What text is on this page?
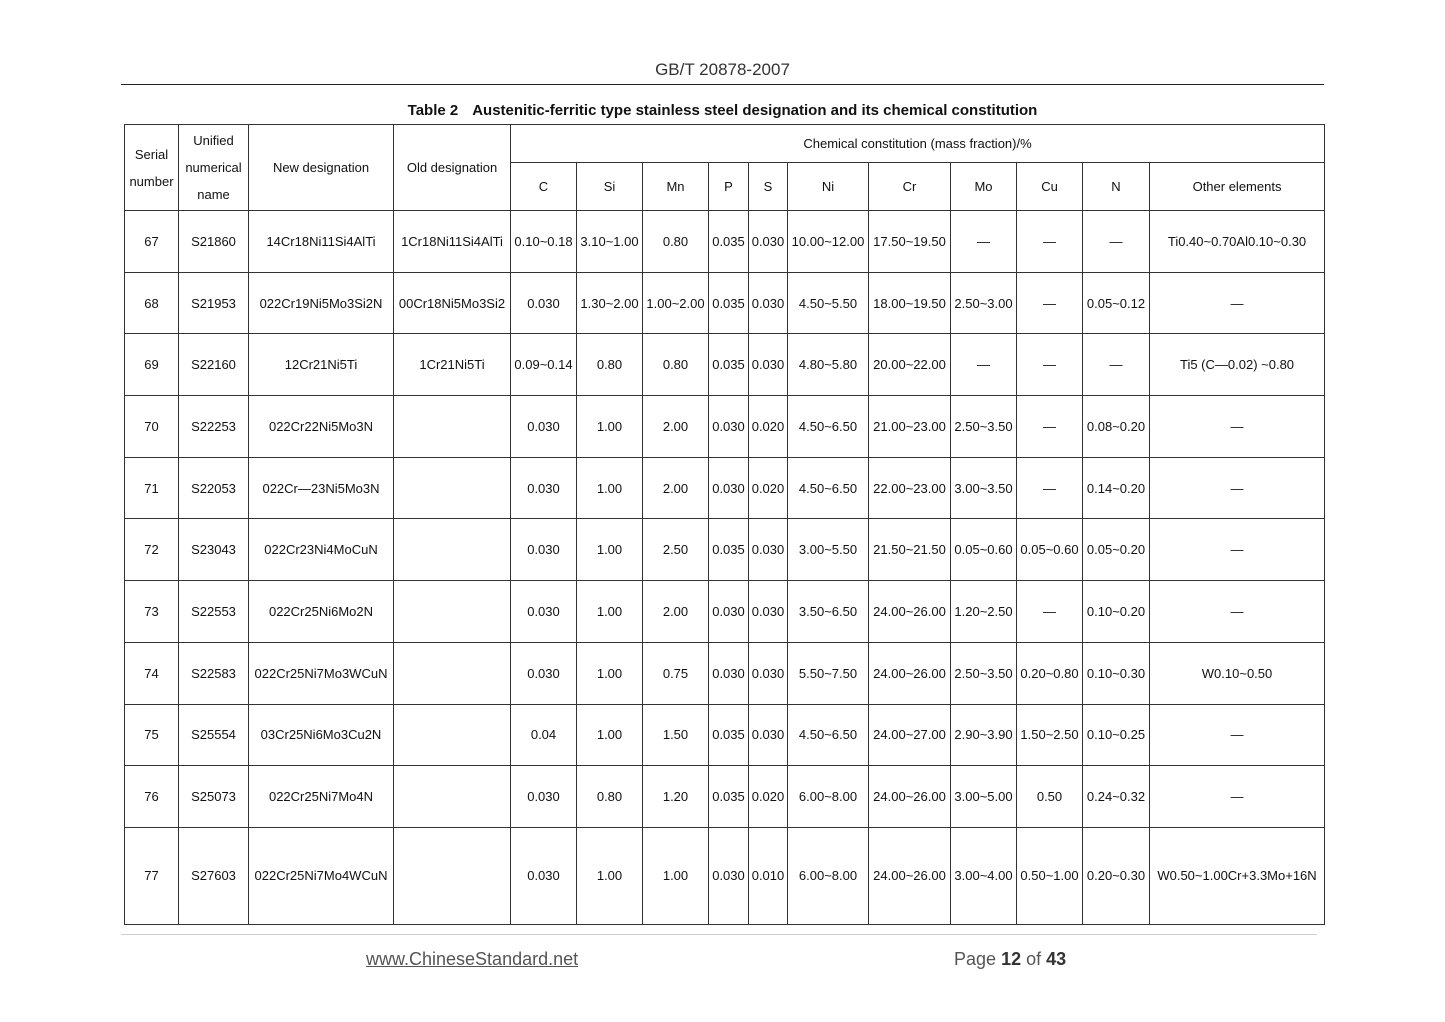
GB/T 20878-2007
Table 2 Austenitic-ferritic type stainless steel designation and its chemical constitution
Serial number	Unified numerical name	New designation	Old designation	Chemical constitution (mass fraction)/%										
				C	Si	Mn	P	S	Ni	Cr	Mo	Cu	N	Other elements
67	S21860	14Cr18Ni11Si4AlTi	1Cr18Ni11Si4AlTi	0.10~0.18	3.10~1.00	0.80	0.035	0.030	10.00~12.00	17.50~19.50	—	—	—	Ti0.40~0.70Al0.10~0.30
68	S21953	022Cr19Ni5Mo3Si2N	00Cr18Ni5Mo3Si2	0.030	1.30~2.00	1.00~2.00	0.035	0.030	4.50~5.50	18.00~19.50	2.50~3.00	—	0.05~0.12	—
69	S22160	12Cr21Ni5Ti	1Cr21Ni5Ti	0.09~0.14	0.80	0.80	0.035	0.030	4.80~5.80	20.00~22.00	—	—	—	Ti5 (C—0.02) ~0.80
70	S22253	022Cr22Ni5Mo3N		0.030	1.00	2.00	0.030	0.020	4.50~6.50	21.00~23.00	2.50~3.50	—	0.08~0.20	—
71	S22053	022Cr—23Ni5Mo3N		0.030	1.00	2.00	0.030	0.020	4.50~6.50	22.00~23.00	3.00~3.50	—	0.14~0.20	—
72	S23043	022Cr23Ni4MoCuN		0.030	1.00	2.50	0.035	0.030	3.00~5.50	21.50~21.50	0.05~0.60	0.05~0.60	0.05~0.20	—
73	S22553	022Cr25Ni6Mo2N		0.030	1.00	2.00	0.030	0.030	3.50~6.50	24.00~26.00	1.20~2.50	—	0.10~0.20	—
74	S22583	022Cr25Ni7Mo3WCuN		0.030	1.00	0.75	0.030	0.030	5.50~7.50	24.00~26.00	2.50~3.50	0.20~0.80	0.10~0.30	W0.10~0.50
75	S25554	03Cr25Ni6Mo3Cu2N		0.04	1.00	1.50	0.035	0.030	4.50~6.50	24.00~27.00	2.90~3.90	1.50~2.50	0.10~0.25	—
76	S25073	022Cr25Ni7Mo4N		0.030	0.80	1.20	0.035	0.020	6.00~8.00	24.00~26.00	3.00~5.00	0.50	0.24~0.32	—
77	S27603	022Cr25Ni7Mo4WCuN		0.030	1.00	1.00	0.030	0.010	6.00~8.00	24.00~26.00	3.00~4.00	0.50~1.00	0.20~0.30	W0.50~1.00Cr+3.3Mo+16N
www.ChineseStandard.net	Page 12 of 43
